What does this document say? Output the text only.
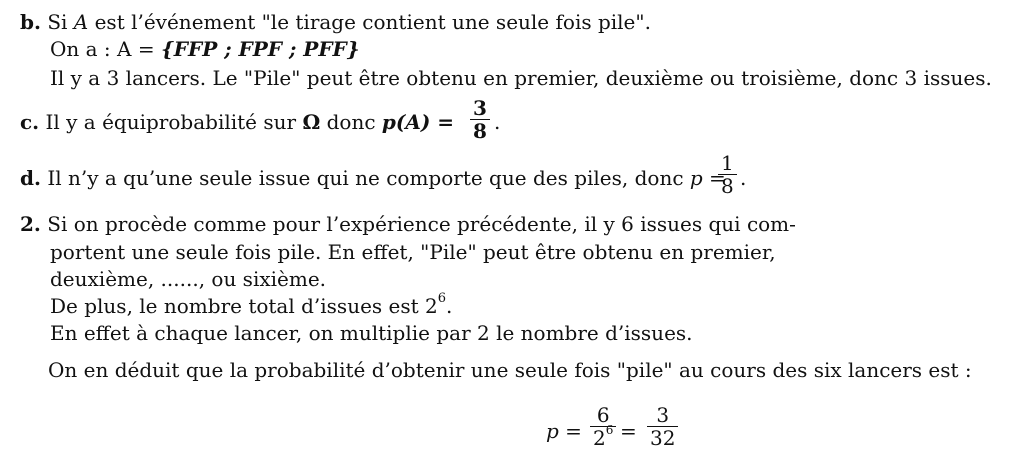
b. Si A est l’événement "le tirage contient une seule fois pile".
On a : A = {FFP ; FPF ; PFF}
Il y a 3 lancers. Le "Pile" peut être obtenu en premier, deuxième ou troisième, donc 3 issues.
c. Il y a équiprobabilité sur Ω donc $p(A) = \frac{3}{8}$ .
d. Il n’y a qu’une seule issue qui ne comporte que des piles, donc p =
$\frac{1}{8}$ .
2. Si on procède comme pour l’expérience précédente, il y 6 issues qui com-
portent une seule fois pile. En effet, "Pile" peut être obtenu en premier,
deuxième, ......, ou sixième.
De plus, le nombre total d’issues est $2^6$.
En effet à chaque lancer, on multiplie par 2 le nombre d’issues.
On en déduit que la probabilité d’obtenir une seule fois "pile" au cours des six lancers est :
$p = \frac{6}{2^6} = \frac{3}{32}$
